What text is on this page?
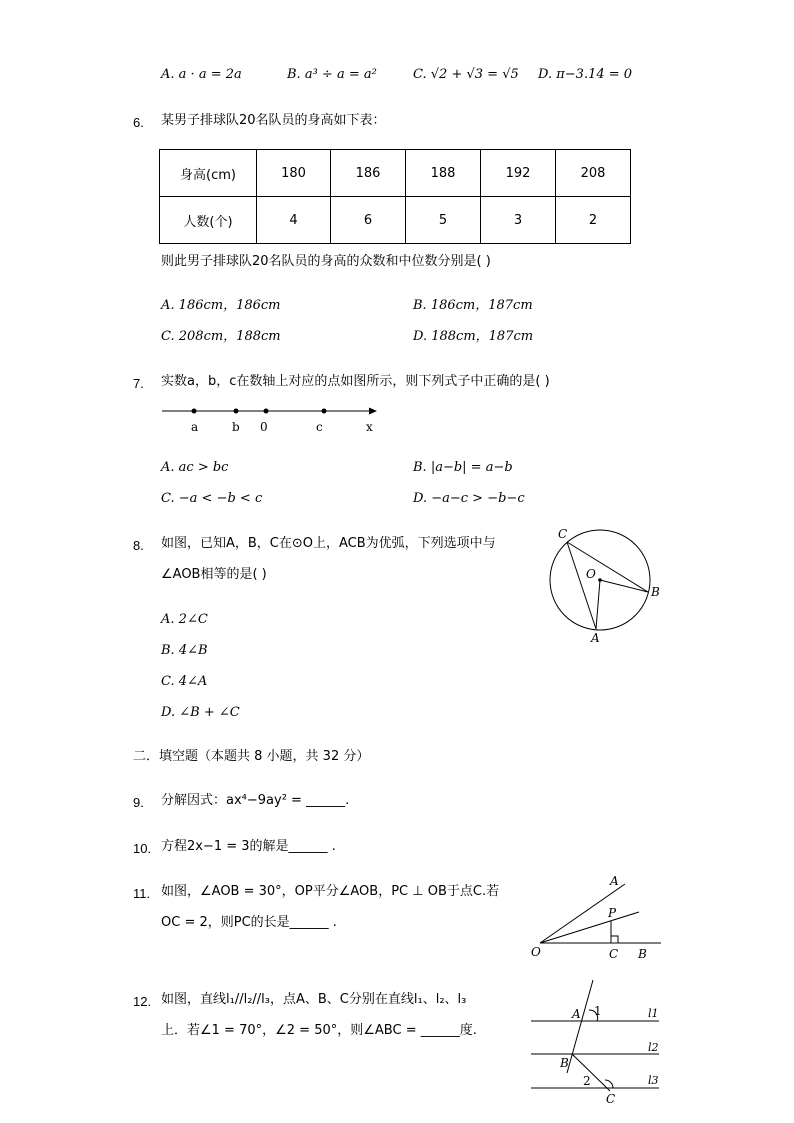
A. a · a = 2a	B. a³ ÷ a = a²	C. √2 + √3 = √5 D. π−3.14 = 0
6. 某男子排球队20名队员的身高如下表：
身高(cm)	180	186	188	192	208
人数(个)	4	6	5	3	2
则此男子排球队20名队员的身高的众数和中位数分别是( )
A. 186cm，186cm	B. 186cm，187cm
C. 208cm，188cm	D. 188cm，187cm
7. 实数a，b，c在数轴上对应的点如图所示，则下列式子中正确的是( )
a	b 0	c	x
A. ac > bc	B. |a−b| = a−b
C. −a < −b < c	D. −a−c > −b−c
8. 如图，已知A，B，C在⊙O上，ACB为优弧，下列选项中与
∠AOB相等的是( )
C
O
B
A
A. 2∠C
B. 4∠B
C. 4∠A
D. ∠B + ∠C
二．填空题（本题共 8 小题，共 32 分）
9. 分解因式：ax⁴−9ay² = ______.
10. 方程2x−1 = 3的解是______ .
11. 如图，∠AOB = 30°，OP平分∠AOB，PC ⊥ OB于点C.若
OC = 2，则PC的长是______ .
A
P
O	C B
12. 如图，直线l₁//l₂//l₃，点A、B、C分别在直线l₁、l₂、l₃
上．若∠1 = 70°，∠2 = 50°，则∠ABC = ______度.
A 1	l1
l2
B
2	l3
C
